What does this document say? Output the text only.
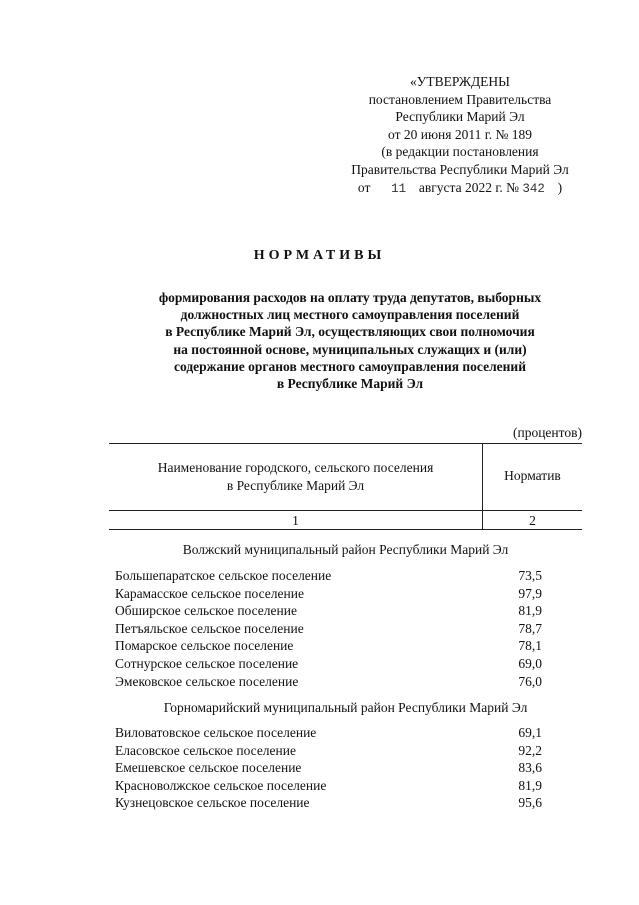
«УТВЕРЖДЕНЫ
постановлением Правительства
Республики Марий Эл
от 20 июня 2011 г. № 189
(в редакции постановления
Правительства Республики Марий Эл
от 11 августа 2022 г. № 342 )
НОРМАТИВЫ
формирования расходов на оплату труда депутатов, выборных
должностных лиц местного самоуправления поселений
в Республике Марий Эл, осуществляющих свои полномочия
на постоянной основе, муниципальных служащих и (или)
содержание органов местного самоуправления поселений
в Республике Марий Эл
(процентов)
Наименование городского, сельского поселения
в Республике Марий Эл
Норматив
1	2
Волжский муниципальный район Республики Марий Эл
Большепаратское сельское поселение	73,5
Карамасское сельское поселение	97,9
Обширское сельское поселение	81,9
Петъяльское сельское поселение	78,7
Помарское сельское поселение	78,1
Сотнурское сельское поселение	69,0
Эмековское сельское поселение	76,0
Горномарийский муниципальный район Республики Марий Эл
Виловатовское сельское поселение	69,1
Еласовское сельское поселение	92,2
Емешевское сельское поселение	83,6
Красноволжское сельское поселение	81,9
Кузнецовское сельское поселение	95,6
